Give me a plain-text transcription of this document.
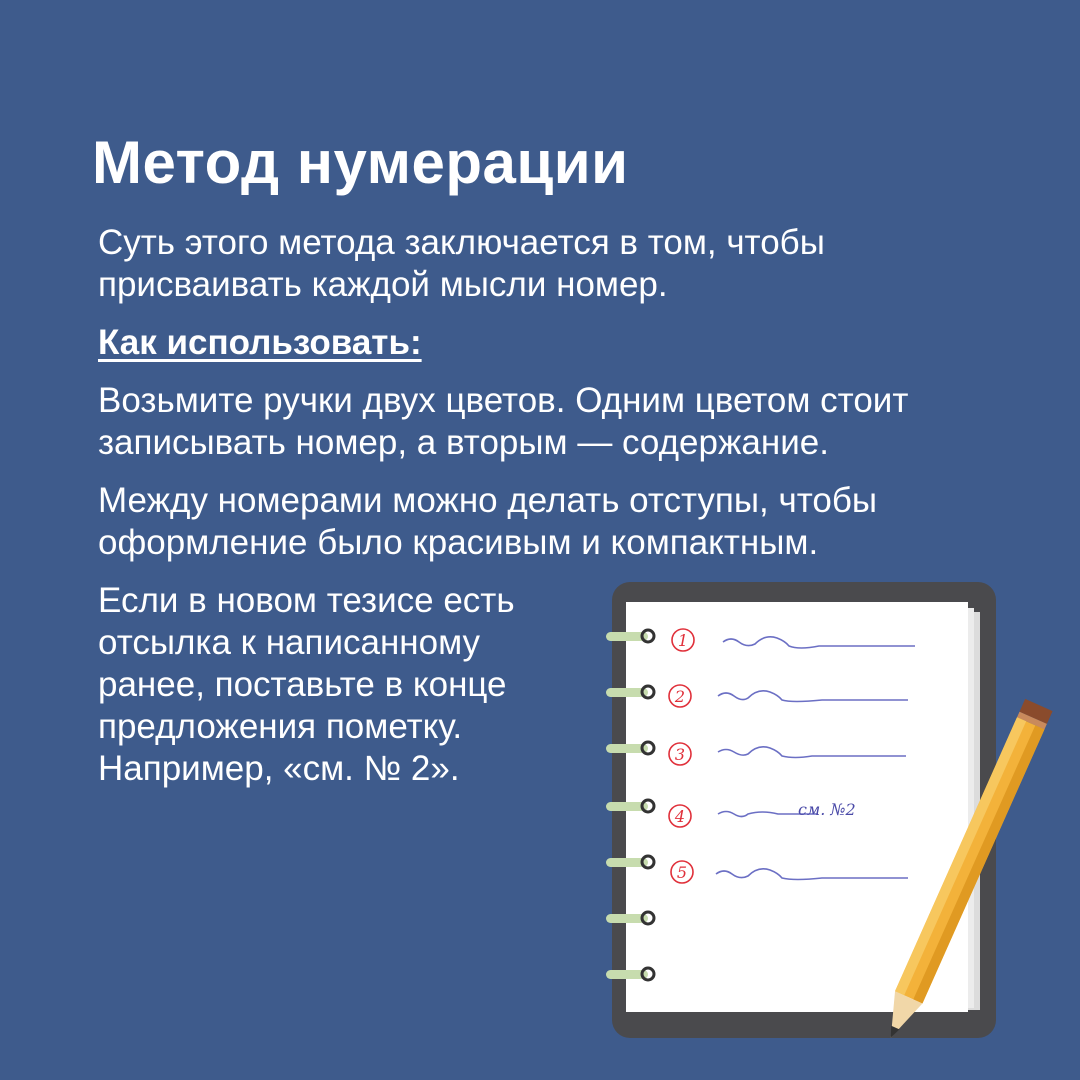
Метод нумерации
Суть этого метода заключается в том, чтобы
присваивать каждой мысли номер.
Как использовать:
Возьмите ручки двух цветов. Одним цветом стоит
записывать номер, а вторым — содержание.
Между номерами можно делать отступы, чтобы
оформление было красивым и компактным.
Если в новом тезисе есть
отсылка к написанному
ранее, поставьте в конце
предложения пометку.
Например, «см. № 2».
1
2
3
4	см. №2
5
